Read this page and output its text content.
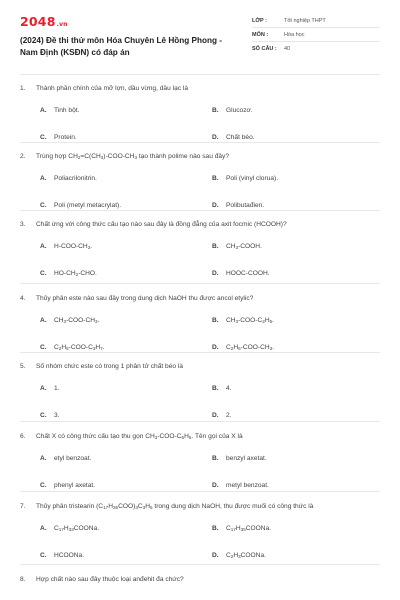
2048.vn
(2024) Đề thi thử môn Hóa Chuyên Lê Hồng Phong - Nam Định (KSĐN) có đáp án
LỚP :	Tốt nghiệp THPT
MÔN :	Hóa học
SỐ CÂU : 40
1. Thành phần chính của mỡ lợn, dầu vừng, dầu lạc là
A. Tinh bột.	B. Glucozơ.
C. Protein.	D. Chất béo.
2. Trùng hợp $CH_2=C(CH_3)-COO-CH_3$ tạo thành polime nào sau đây?
A. Poliacrilonitrin.	B. Poli (vinyl clorua).
C. Poli (metyl metacrylat).	D. Polibutađien.
3. Chất ứng với công thức cấu tạo nào sau đây là đồng đẳng của axit focmic (HCOOH)?
A. $H-COO-CH_3$.	B. $CH_3$-COOH.
C. $HO-CH_2$-CHO.	D. HOOC-COOH.
4. Thủy phân este nào sau đây trong dung dịch NaOH thu được ancol etylic?
A. $CH_3-COO-CH_3$.	B. $CH_3-COO-C_2H_5$.
C. $C_2H_5-COO-C_3H_7$.	D. $C_2H_5-COO-CH_3$.
5. Số nhóm chức este có trong 1 phân tử chất béo là
A. 1.	B. 4.
C. 3.	D. 2.
6. Chất X có công thức cấu tạo thu gọn $CH_3-COO-C_6H_5$. Tên gọi của X là
A. etyl benzoat.	B. benzyl axetat.
C. phenyl axetat.	D. metyl benzoat.
7. Thủy phân tristearin $(C_{17}H_{35}COO)_3C_3H_5$ trong dung dịch NaOH, thu được muối có công thức là
A. $C_{17}H_{33}COONa$.	B. $C_{17}H_{35}COONa$.
C. HCOONa.	D. $C_2H_3COONa$.
8. Hợp chất nào sau đây thuộc loại anđehit đa chức?
